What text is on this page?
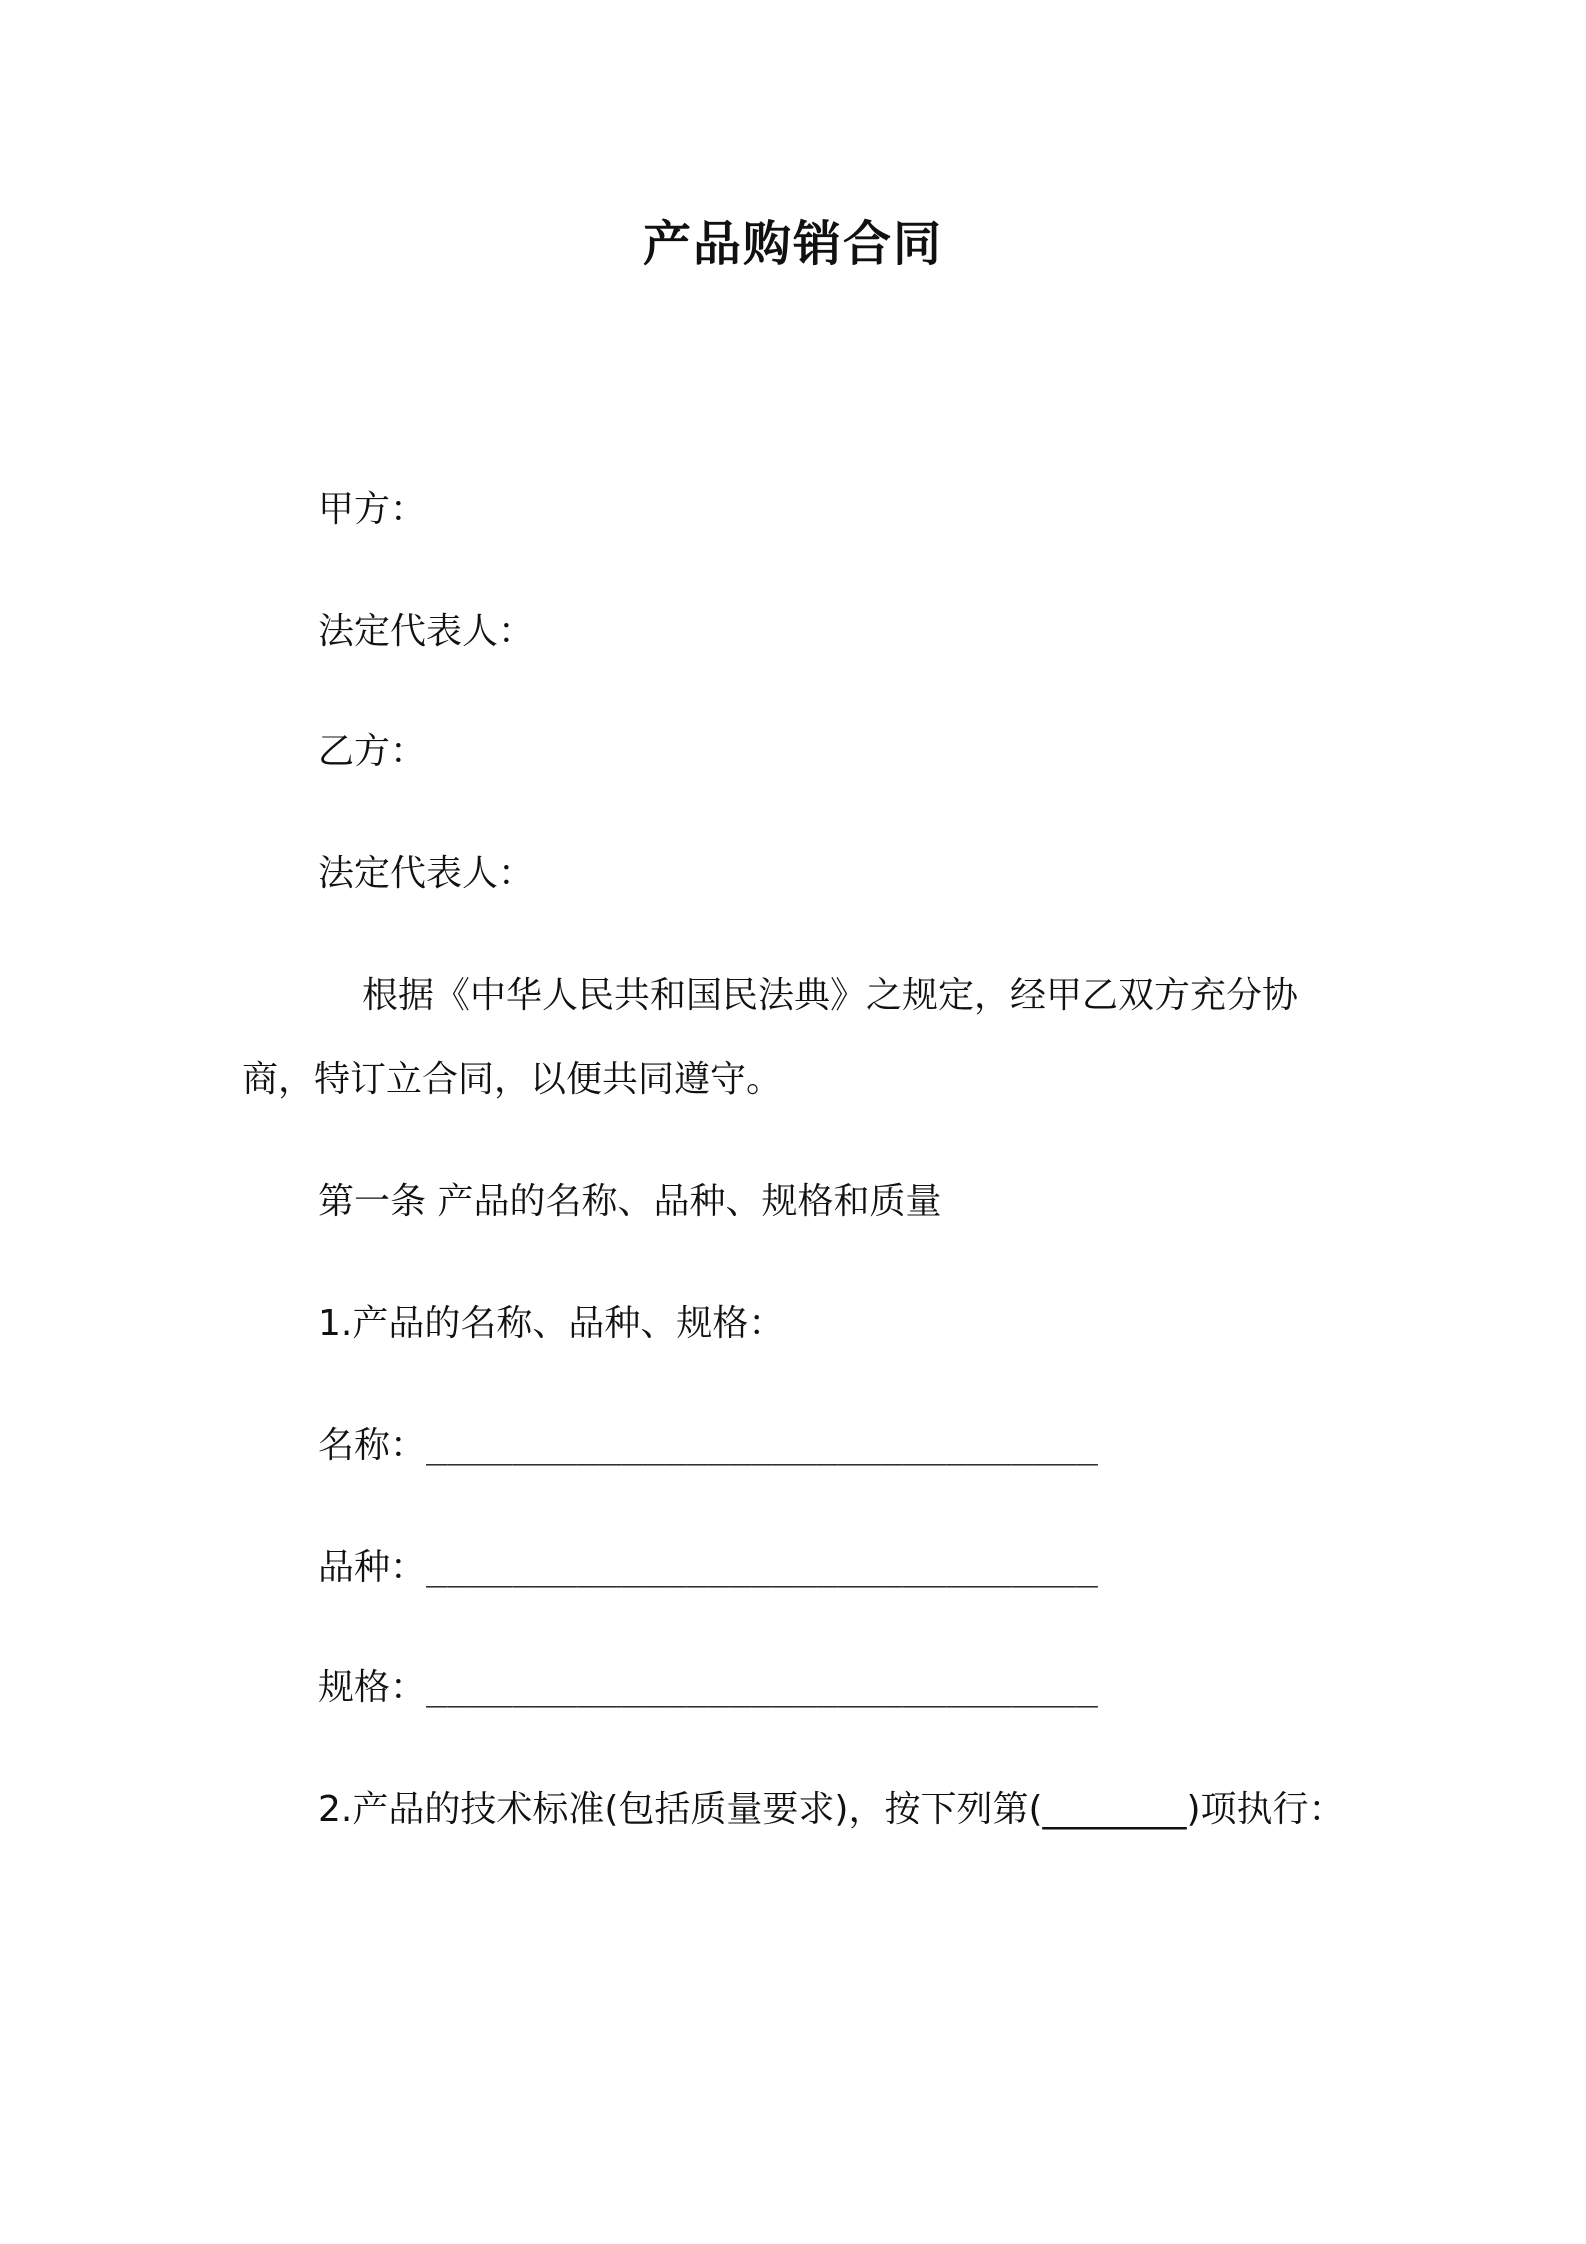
产品购销合同
甲方：
法定代表人：
乙方：
法定代表人：
根据《中华人民共和国民法典》之规定，经甲乙双方充分协
商，特订立合同，以便共同遵守。
第一条 产品的名称、品种、规格和质量
1.产品的名称、品种、规格：
名称：_______________________________
品种：_______________________________
规格：_______________________________
2.产品的技术标准(包括质量要求)，按下列第(________)项执行：
